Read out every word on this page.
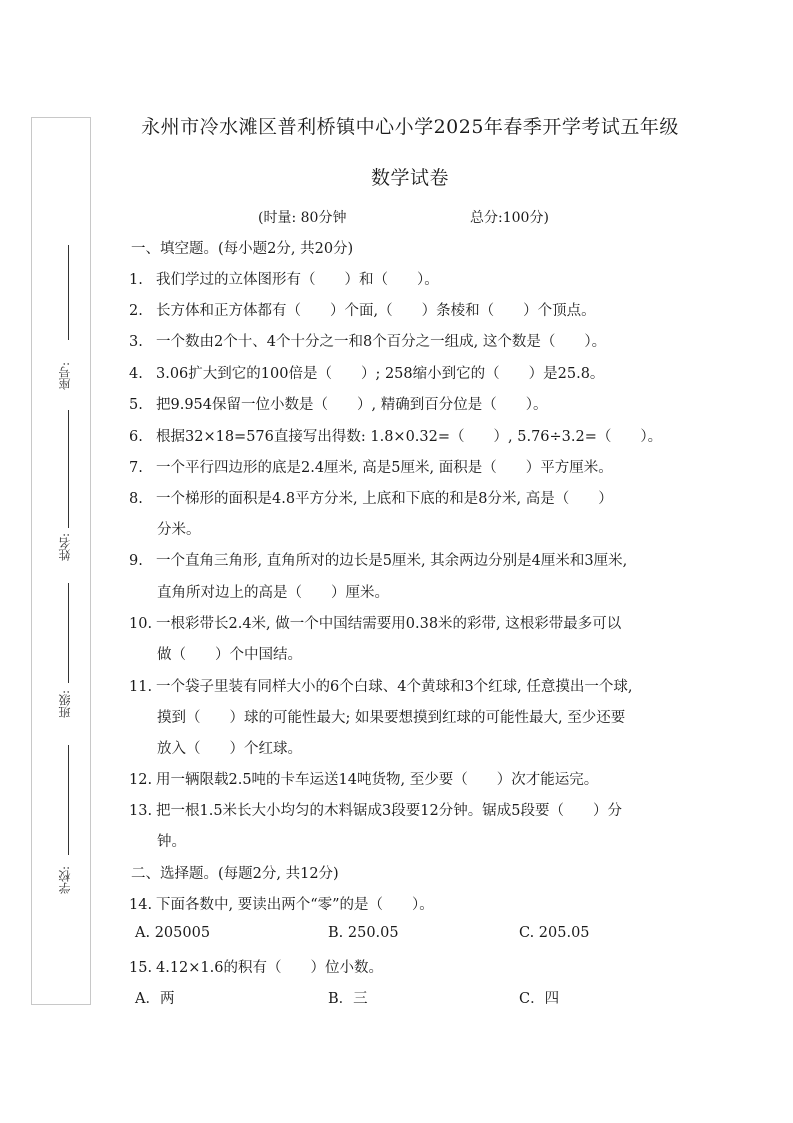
座号:
姓名:
班级:
学校:
永州市冷水滩区普利桥镇中心小学2025年春季开学考试五年级
数学试卷
(时量: 80分钟	总分:100分)
一、填空题。(每小题2分, 共20分)
1. 我们学过的立体图形有（　　）和（　　）。
2. 长方体和正方体都有（　　）个面,（　　）条棱和（　　）个顶点。
3. 一个数由2个十、4个十分之一和8个百分之一组成, 这个数是（　　）。
4. 3.06扩大到它的100倍是（　　）; 258缩小到它的（　　）是25.8。
5. 把9.954保留一位小数是（　　）, 精确到百分位是（　　）。
6. 根据32×18=576直接写出得数: 1.8×0.32=（　　）, 5.76÷3.2=（　　）。
7. 一个平行四边形的底是2.4厘米, 高是5厘米, 面积是（　　）平方厘米。
8. 一个梯形的面积是4.8平方分米, 上底和下底的和是8分米, 高是（　　）
分米。
9. 一个直角三角形, 直角所对的边长是5厘米, 其余两边分别是4厘米和3厘米,
直角所对边上的高是（　　）厘米。
10. 一根彩带长2.4米, 做一个中国结需要用0.38米的彩带, 这根彩带最多可以
做（　　）个中国结。
11. 一个袋子里装有同样大小的6个白球、4个黄球和3个红球, 任意摸出一个球,
摸到（　　）球的可能性最大; 如果要想摸到红球的可能性最大, 至少还要
放入（　　）个红球。
12. 用一辆限载2.5吨的卡车运送14吨货物, 至少要（　　）次才能运完。
13. 把一根1.5米长大小均匀的木料锯成3段要12分钟。锯成5段要（　　）分
钟。
二、选择题。(每题2分, 共12分)
14. 下面各数中, 要读出两个“零”的是（　　）。
A. 205005	B. 250.05	C. 205.05
15. 4.12×1.6的积有（　　）位小数。
A．两	B．三	C．四
